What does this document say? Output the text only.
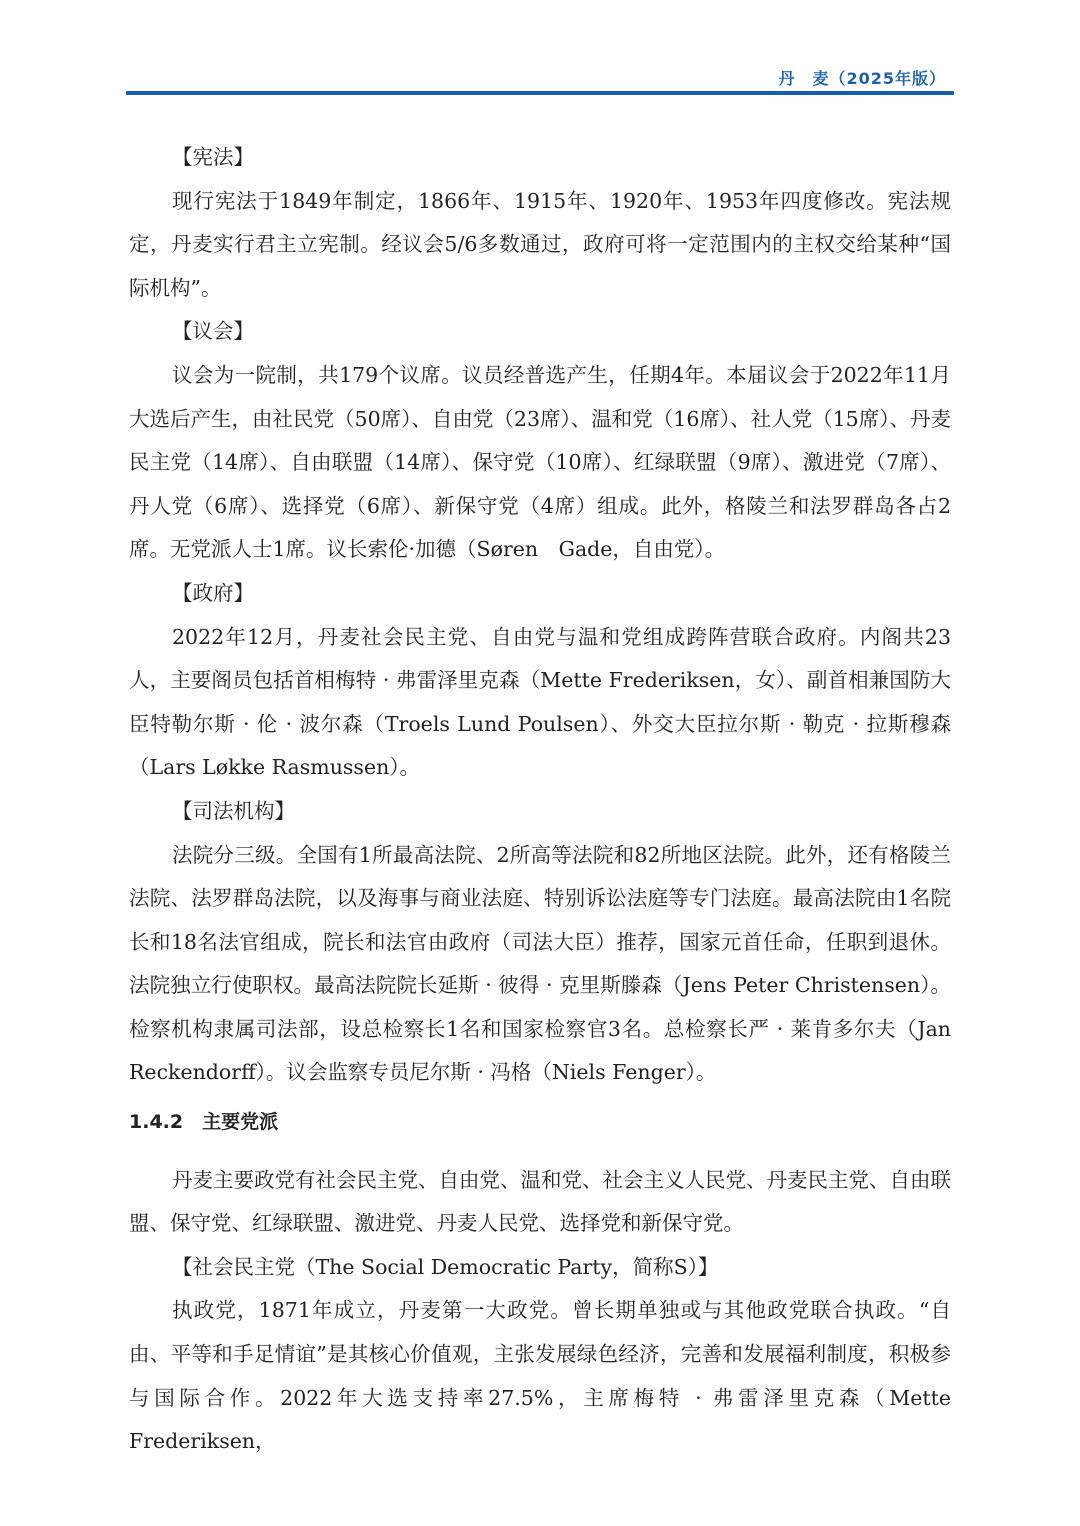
丹　麦（2025年版）

【宪法】

现行宪法于1849年制定，1866年、1915年、1920年、1953年四度修改。宪法规定，丹麦实行君主立宪制。经议会5/6多数通过，政府可将一定范围内的主权交给某种“国际机构”。

【议会】

议会为一院制，共179个议席。议员经普选产生，任期4年。本届议会于2022年11月大选后产生，由社民党（50席）、自由党（23席）、温和党（16席）、社人党（15席）、丹麦民主党（14席）、自由联盟（14席）、保守党（10席）、红绿联盟（9席）、激进党（7席）、丹人党（6席）、选择党（6席）、新保守党（4席）组成。此外，格陵兰和法罗群岛各占2席。无党派人士1席。议长索伦·加德（Søren　Gade，自由党）。

【政府】

2022年12月，丹麦社会民主党、自由党与温和党组成跨阵营联合政府。内阁共23人，主要阁员包括首相梅特 · 弗雷泽里克森（Mette Frederiksen，女）、副首相兼国防大臣特勒尔斯 · 伦 · 波尔森（Troels Lund Poulsen）、外交大臣拉尔斯 · 勒克 · 拉斯穆森（Lars Løkke Rasmussen）。

【司法机构】

法院分三级。全国有1所最高法院、2所高等法院和82所地区法院。此外，还有格陵兰法院、法罗群岛法院，以及海事与商业法庭、特别诉讼法庭等专门法庭。最高法院由1名院长和18名法官组成，院长和法官由政府（司法大臣）推荐，国家元首任命，任职到退休。法院独立行使职权。最高法院院长延斯 · 彼得 · 克里斯滕森（Jens Peter Christensen）。检察机构隶属司法部，设总检察长1名和国家检察官3名。总检察长严 · 莱肯多尔夫（Jan Reckendorff）。议会监察专员尼尔斯 · 冯格（Niels Fenger）。

1.4.2　主要党派

丹麦主要政党有社会民主党、自由党、温和党、社会主义人民党、丹麦民主党、自由联盟、保守党、红绿联盟、激进党、丹麦人民党、选择党和新保守党。

【社会民主党（The Social Democratic Party，简称S）】

执政党，1871年成立，丹麦第一大政党。曾长期单独或与其他政党联合执政。“自由、平等和手足情谊”是其核心价值观，主张发展绿色经济，完善和发展福利制度，积极参与国际合作。2022年大选支持率27.5%，主席梅特 · 弗雷泽里克森（Mette Frederiksen，
